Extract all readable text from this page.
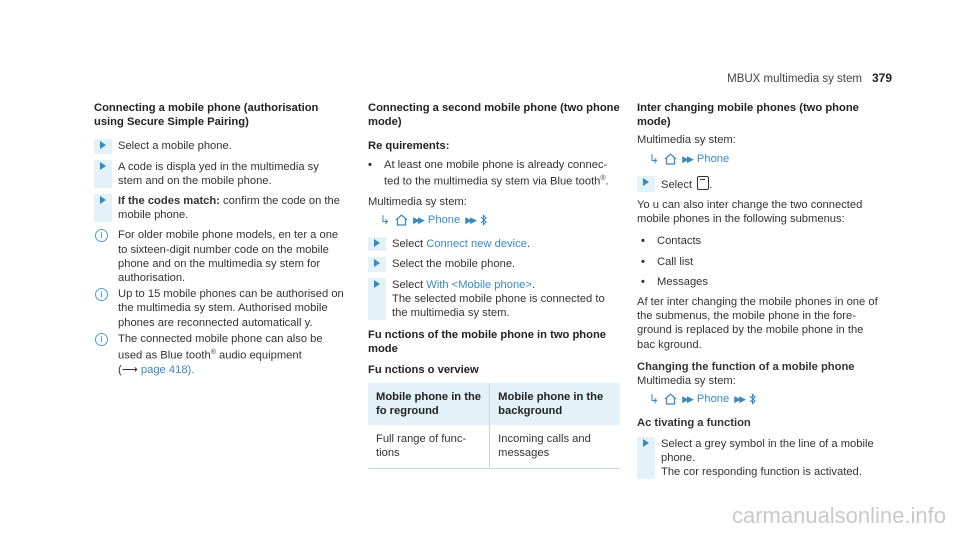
MBUX multimedia sy stem 379
Connecting a mobile phone (authorisation using Secure Simple Pairing)
Select a mobile phone.
A code is displa yed in the multimedia sy stem and on the mobile phone.
If the codes match: confirm the code on the mobile phone.
i	For older mobile phone models, en ter a one to sixteen-digit number code on the mobile phone and on the multimedia sy stem for authorisation.
i	Up to 15 mobile phones can be authorised on the multimedia sy stem. Authorised mobile phones are reconnected automaticall y.
i	The connected mobile phone can also be used as Blue tooth® audio equipment
(⟶ page 418).
Connecting a second mobile phone (two phone mode)
Re quirements:
•	At least one mobile phone is already connec‐ ted to the multimedia sy stem via Blue tooth®.
Multimedia sy stem:
↳	▶▶ Phone ▶▶
Select Connect new device.
Select the mobile phone.
Select With <Mobile phone>.
The selected mobile phone is connected to the multimedia sy stem.
Fu nctions of the mobile phone in two phone mode
Fu nctions o verview
Mobile phone in the fo reground	Mobile phone in the background
Full range of func‐ tions	Incoming calls and messages
Inter changing mobile phones (two phone mode)
Multimedia sy stem:
↳	▶▶ Phone
Select .
Yo u can also inter change the two connected mobile phones in the following submenus:
•	Contacts
•	Call list
•	Messages
Af ter inter changing the mobile phones in one of the submenus, the mobile phone in the fore‐ ground is replaced by the mobile phone in the bac kground.
Changing the function of a mobile phone
Multimedia sy stem:
↳	▶▶ Phone ▶▶
Ac tivating a function
Select a grey symbol in the line of a mobile phone.
The cor responding function is activated.
carmanualsonline.info
